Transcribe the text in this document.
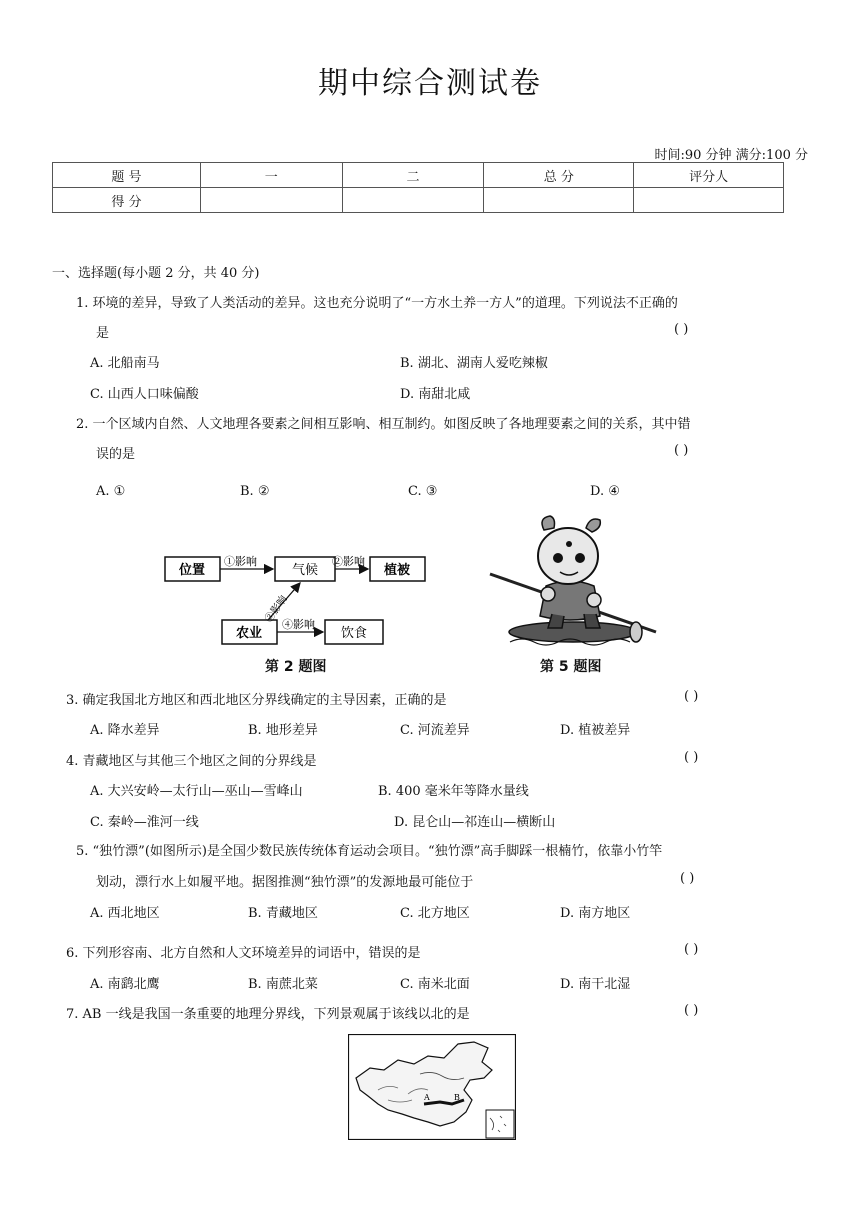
期中综合测试卷
时间:90 分钟 满分:100 分
题 号	一	二	总 分	评分人
得 分				
一、选择题(每小题 2 分，共 40 分)
1. 环境的差异，导致了人类活动的差异。这也充分说明了“一方水土养一方人”的道理。下列说法不正确的
是	( )
A. 北船南马	B. 湖北、湖南人爱吃辣椒
C. 山西人口味偏酸	D. 南甜北咸
2. 一个区域内自然、人文地理各要素之间相互影响、相互制约。如图反映了各地理要素之间的关系，其中错
误的是	( )
A. ①	B. ②	C. ③	D. ④
位置	气候	植被
农业	饮食
①影响	②影响
③影响
④影响
第 2 题图	第 5 题图
3. 确定我国北方地区和西北地区分界线确定的主导因素，正确的是	( )
A. 降水差异	B. 地形差异	C. 河流差异	D. 植被差异
4. 青藏地区与其他三个地区之间的分界线是	( )
A. 大兴安岭—太行山—巫山—雪峰山	B. 400 毫米年等降水量线
C. 秦岭—淮河一线	D. 昆仑山—祁连山—横断山
5. “独竹漂”(如图所示)是全国少数民族传统体育运动会项目。“独竹漂”高手脚踩一根楠竹，依靠小竹竿
划动，漂行水上如履平地。据图推测“独竹漂”的发源地最可能位于	( )
A. 西北地区	B. 青藏地区	C. 北方地区	D. 南方地区
6. 下列形容南、北方自然和人文环境差异的词语中，错误的是	( )
A. 南鹞北鹰	B. 南蔗北菜	C. 南米北面	D. 南干北湿
7. AB 一线是我国一条重要的地理分界线，下列景观属于该线以北的是	( )
A	B
